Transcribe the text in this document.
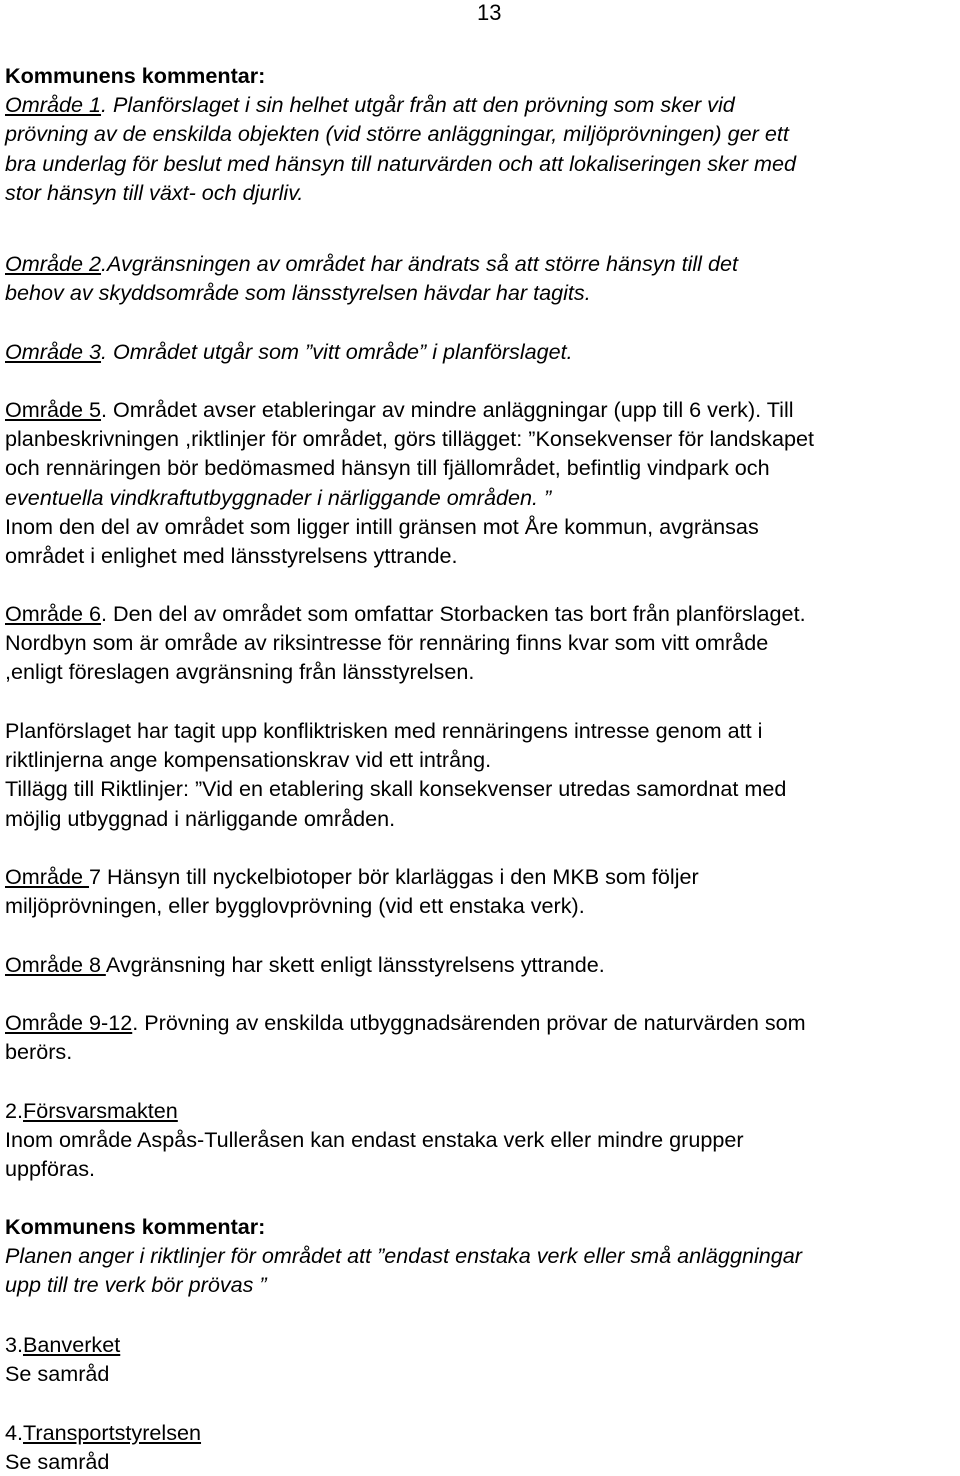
13
Kommunens kommentar:
Område 1. Planförslaget i sin helhet utgår från att den prövning som sker vid
prövning av de enskilda objekten (vid större anläggningar, miljöprövningen) ger ett
bra underlag för beslut med hänsyn till naturvärden och att lokaliseringen sker med
stor hänsyn till växt- och djurliv.
Område 2.Avgränsningen av området har ändrats så att större hänsyn till det
behov av skyddsområde som länsstyrelsen hävdar har tagits.
Område 3. Området utgår som ”vitt område” i planförslaget.
Område 5. Området avser etableringar av mindre anläggningar (upp till 6 verk). Till
planbeskrivningen ,riktlinjer för området, görs tillägget: ”Konsekvenser för landskapet
och rennäringen bör bedömasmed hänsyn till fjällområdet, befintlig vindpark och
eventuella vindkraftutbyggnader i närliggande områden. ”
Inom den del av området som ligger intill gränsen mot Åre kommun, avgränsas
området i enlighet med länsstyrelsens yttrande.
Område 6. Den del av området som omfattar Storbacken tas bort från planförslaget.
Nordbyn som är område av riksintresse för rennäring finns kvar som vitt område
,enligt föreslagen avgränsning från länsstyrelsen.
Planförslaget har tagit upp konfliktrisken med rennäringens intresse genom att i
riktlinjerna ange kompensationskrav vid ett intrång.
Tillägg till Riktlinjer: ”Vid en etablering skall konsekvenser utredas samordnat med
möjlig utbyggnad i närliggande områden.
Område 7 Hänsyn till nyckelbiotoper bör klarläggas i den MKB som följer
miljöprövningen, eller bygglovprövning (vid ett enstaka verk).
Område 8 Avgränsning har skett enligt länsstyrelsens yttrande.
Område 9-12. Prövning av enskilda utbyggnadsärenden prövar de naturvärden som
berörs.
2.Försvarsmakten
Inom område Aspås-Tulleråsen kan endast enstaka verk eller mindre grupper
uppföras.
Kommunens kommentar:
Planen anger i riktlinjer för området att ”endast enstaka verk eller små anläggningar
upp till tre verk bör prövas ”
3.Banverket
Se samråd
4.Transportstyrelsen
Se samråd
